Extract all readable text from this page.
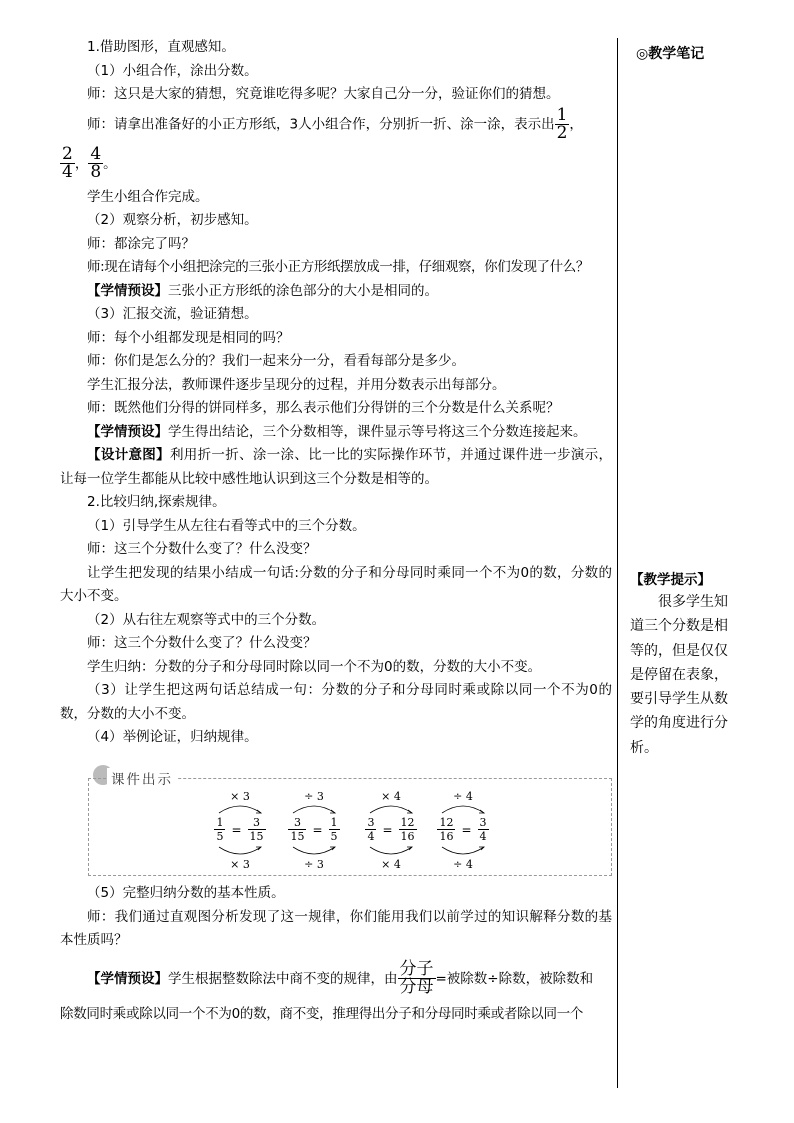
1.借助图形，直观感知。

（1）小组合作，涂出分数。

师：这只是大家的猜想，究竟谁吃得多呢？大家自己分一分，验证你们的猜想。

师：请拿出准备好的小正方形纸，3人小组合作，分别折一折、涂一涂，表示出 $\frac{1}{2}$ ，

$\frac{2}{4}$ ， $\frac{4}{8}$ 。

学生小组合作完成。

（2）观察分析，初步感知。

师：都涂完了吗？

师:现在请每个小组把涂完的三张小正方形纸摆放成一排，仔细观察，你们发现了什么？

【学情预设】三张小正方形纸的涂色部分的大小是相同的。

（3）汇报交流，验证猜想。

师：每个小组都发现是相同的吗？

师：你们是怎么分的？我们一起来分一分，看看每部分是多少。

学生汇报分法，教师课件逐步呈现分的过程，并用分数表示出每部分。

师：既然他们分得的饼同样多，那么表示他们分得饼的三个分数是什么关系呢？

【学情预设】学生得出结论，三个分数相等，课件显示等号将这三个分数连接起来。

【设计意图】利用折一折、涂一涂、比一比的实际操作环节，并通过课件进一步演示，让每一位学生都能从比较中感性地认识到这三个分数是相等的。

2.比较归纳,探索规律。

（1）引导学生从左往右看等式中的三个分数。

师：这三个分数什么变了？什么没变？

让学生把发现的结果小结成一句话:分数的分子和分母同时乘同一个不为0的数，分数的大小不变。

（2）从右往左观察等式中的三个分数。

师：这三个分数什么变了？什么没变？

学生归纳：分数的分子和分母同时除以同一个不为0的数，分数的大小不变。

（3）让学生把这两句话总结成一句：分数的分子和分母同时乘或除以同一个不为0的数，分数的大小不变。

（4）举例论证，归纳规律。

课件出示
× 3
$\frac{1}{5} = \frac{3}{15}$
× 3
÷ 3
$\frac{3}{15} = \frac{1}{5}$
÷ 3
× 4
$\frac{3}{4} = \frac{12}{16}$
× 4
÷ 4
$\frac{12}{16} = \frac{3}{4}$
÷ 4

（5）完整归纳分数的基本性质。

师：我们通过直观图分析发现了这一规律，你们能用我们以前学过的知识解释分数的基本性质吗？

【学情预设】学生根据整数除法中商不变的规律，由 $\frac{\text{分子}}{\text{分母}}$ =被除数÷除数，被除数和

除数同时乘或除以同一个不为0的数，商不变，推理得出分子和分母同时乘或者除以同一个

◎教学笔记
【教学提示】
很多学生知道三个分数是相等的，但是仅仅是停留在表象，要引导学生从数学的角度进行分析。
